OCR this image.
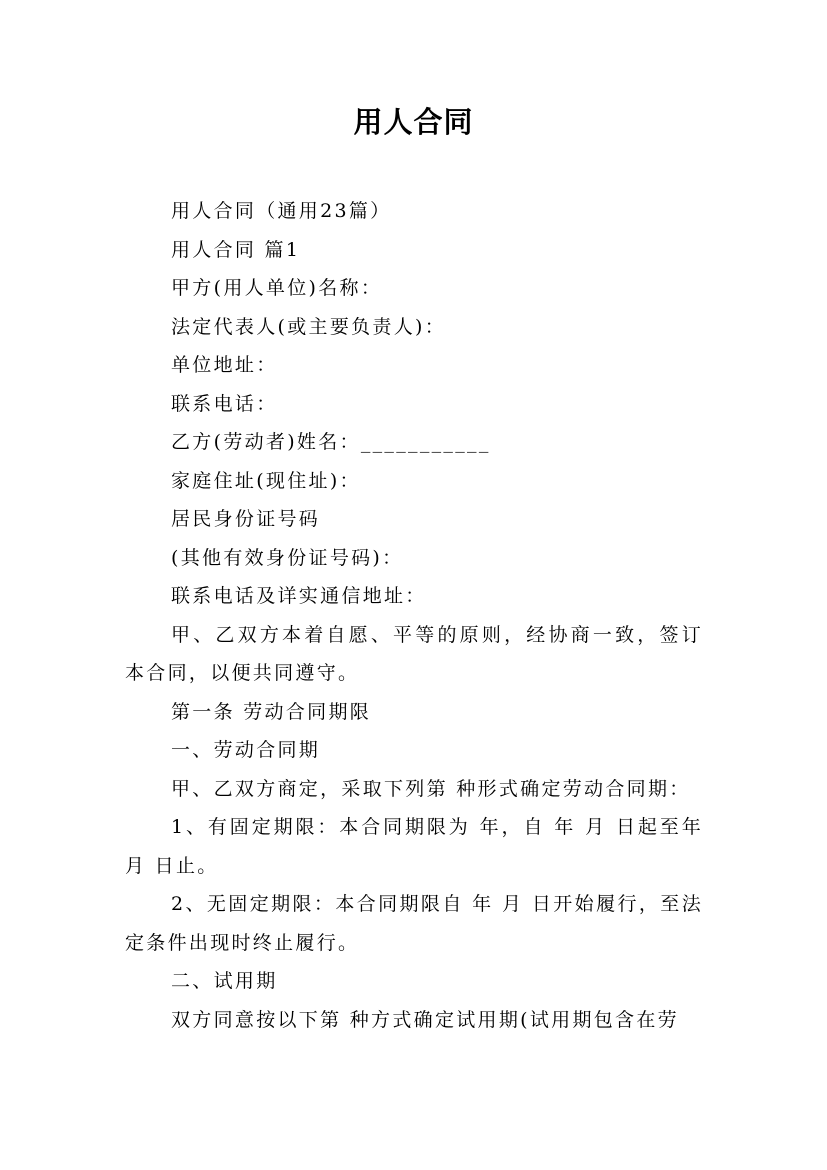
用人合同

用人合同（通用23篇）

用人合同 篇1

甲方(用人单位)名称：

法定代表人(或主要负责人)：

单位地址：

联系电话：

乙方(劳动者)姓名：___________

家庭住址(现住址)：

居民身份证号码

(其他有效身份证号码)：

联系电话及详实通信地址：

甲、乙双方本着自愿、平等的原则，经协商一致，签订本合同，以便共同遵守。

第一条 劳动合同期限

一、劳动合同期

甲、乙双方商定，采取下列第 种形式确定劳动合同期：

1、有固定期限：本合同期限为 年，自 年 月 日起至年 月 日止。

2、无固定期限：本合同期限自 年 月 日开始履行，至法定条件出现时终止履行。

二、试用期

双方同意按以下第 种方式确定试用期(试用期包含在劳
